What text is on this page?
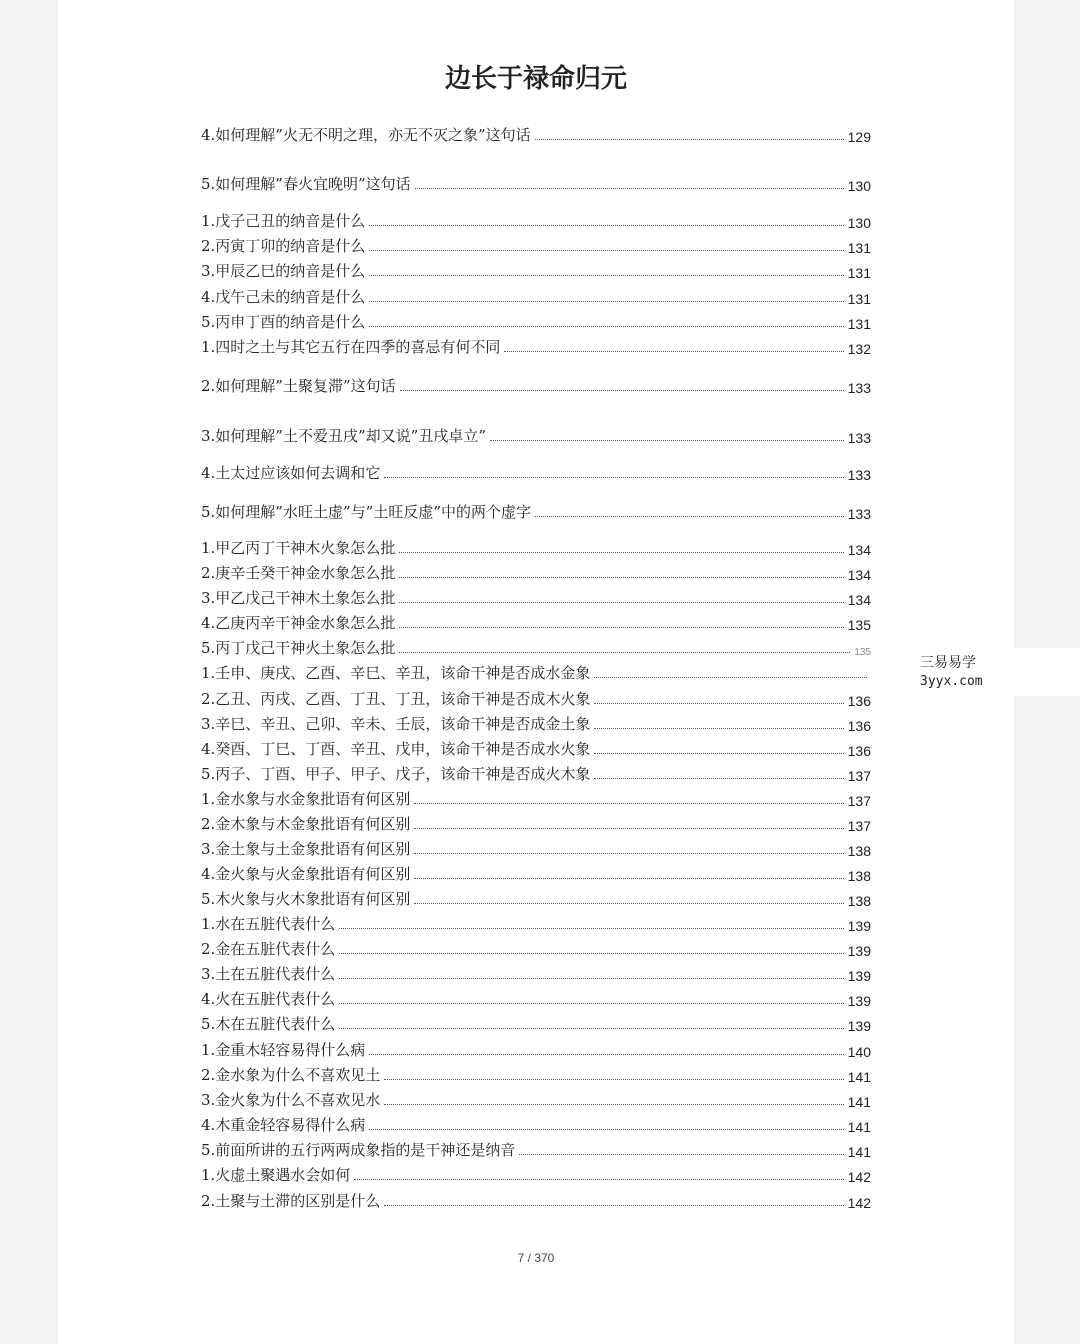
边长于禄命归元
4.如何理解”火无不明之理，亦无不灭之象”这句话	129
5.如何理解”春火宜晚明”这句话	130
1.戊子己丑的纳音是什么	130
2.丙寅丁卯的纳音是什么	131
3.甲辰乙巳的纳音是什么	131
4.戊午己未的纳音是什么	131
5.丙申丁酉的纳音是什么	131
1.四时之土与其它五行在四季的喜忌有何不同	132
2.如何理解”土聚复滞”这句话	133
3.如何理解”土不爱丑戌”却又说”丑戌卓立”	133
4.土太过应该如何去调和它	133
5.如何理解”水旺土虚”与”土旺反虚”中的两个虚字	133
1.甲乙丙丁干神木火象怎么批	134
2.庚辛壬癸干神金水象怎么批	134
3.甲乙戊己干神木土象怎么批	134
4.乙庚丙辛干神金水象怎么批	135
5.丙丁戊己干神火土象怎么批	135
1.壬申、庚戌、乙酉、辛巳、辛丑，该命干神是否成水金象
2.乙丑、丙戌、乙酉、丁丑、丁丑，该命干神是否成木火象	136
3.辛巳、辛丑、己卯、辛未、壬辰，该命干神是否成金土象	136
4.癸酉、丁巳、丁酉、辛丑、戊申，该命干神是否成水火象	136
5.丙子、丁酉、甲子、甲子、戊子，该命干神是否成火木象	137
1.金水象与水金象批语有何区别	137
2.金木象与木金象批语有何区别	137
3.金土象与土金象批语有何区别	138
4.金火象与火金象批语有何区别	138
5.木火象与火木象批语有何区别	138
1.水在五脏代表什么	139
2.金在五脏代表什么	139
3.土在五脏代表什么	139
4.火在五脏代表什么	139
5.木在五脏代表什么	139
1.金重木轻容易得什么病	140
2.金水象为什么不喜欢见土	141
3.金火象为什么不喜欢见水	141
4.木重金轻容易得什么病	141
5.前面所讲的五行两两成象指的是干神还是纳音	141
1.火虚土聚遇水会如何	142
2.土聚与土滞的区别是什么	142
7 / 370
三易易学
3yyx.com
